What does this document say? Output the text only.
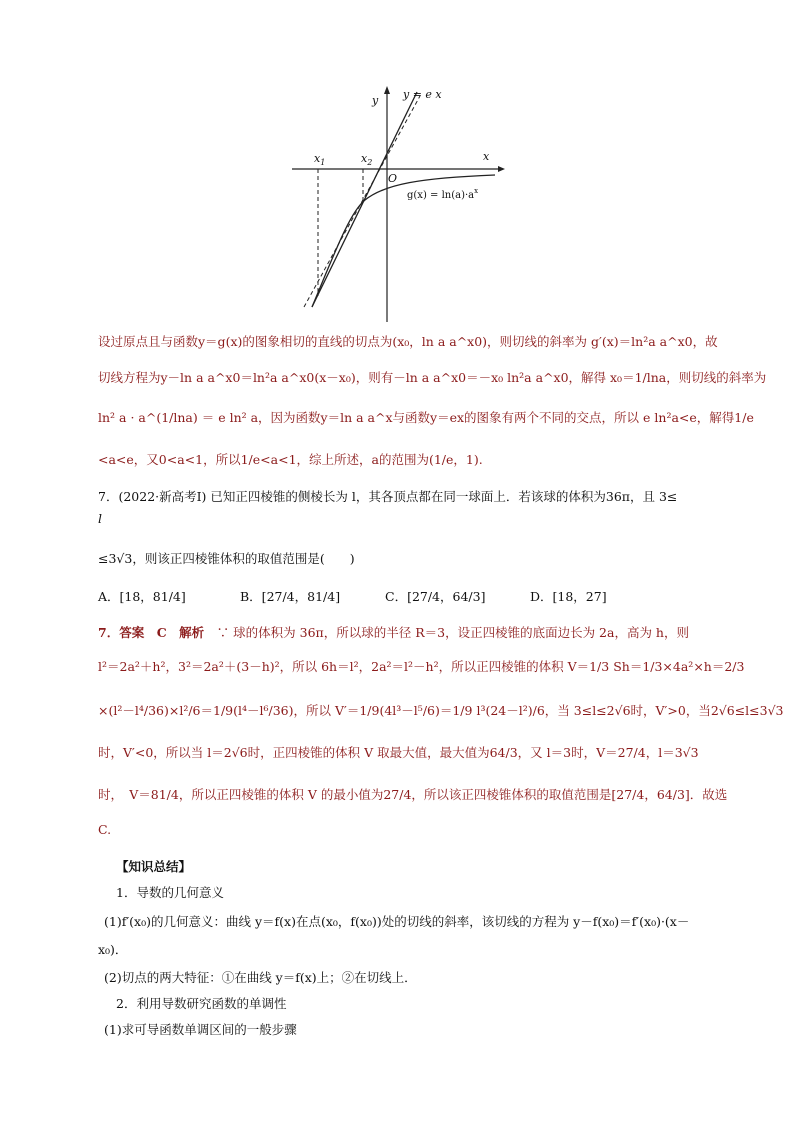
y
x
y = e x
$x_1$	$x_2$
O
$g(x) = \ln(a)\cdot a^x$
设过原点且与函数y＝g(x)的图象相切的直线的切点为(x₀，ln a a^x0)，则切线的斜率为 g′(x)＝ln²a a^x0，故
切线方程为y－ln a a^x0＝ln²a a^x0(x－x₀)，则有－ln a a^x0＝－x₀ ln²a a^x0，解得 x₀＝1/lna，则切线的斜率为
ln² a · a^(1/lna) ＝ e ln² a，因为函数y＝ln a a^x与函数y＝ex的图象有两个不同的交点，所以 e ln²a<e，解得1/e
<a<e，又0<a<1，所以1/e<a<1，综上所述，a的范围为(1/e，1).
7．(2022·新高考Ⅰ) 已知正四棱锥的侧棱长为 l，其各顶点都在同一球面上．若该球的体积为36π，且 3≤
l
≤3√3，则该正四棱锥体积的取值范围是(　　)
A．[18，81/4]	B．[27/4，81/4]	C．[27/4，64/3]	D．[18，27]
7．答案　C　解析　 ∵ 球的体积为 36π，所以球的半径 R＝3，设正四棱锥的底面边长为 2a，高为 h，则
l²＝2a²＋h²，3²＝2a²＋(3－h)²，所以 6h＝l²，2a²＝l²－h²，所以正四棱锥的体积 V＝1/3 Sh＝1/3×4a²×h＝2/3
×(l²－l⁴/36)×l²/6＝1/9(l⁴－l⁶/36)，所以 V′＝1/9(4l³－l⁵/6)＝1/9 l³(24－l²)/6，当 3≤l≤2√6时，V′>0，当2√6≤l≤3√3
时，V′<0，所以当 l＝2√6时，正四棱锥的体积 V 取最大值，最大值为64/3，又 l＝3时，V＝27/4，l＝3√3
时，　V＝81/4，所以正四棱锥的体积 V 的最小值为27/4，所以该正四棱锥体积的取值范围是[27/4，64/3]．故选
C.
【知识总结】
1．导数的几何意义
(1)f′(x₀)的几何意义：曲线 y＝f(x)在点(x₀，f(x₀))处的切线的斜率，该切线的方程为 y－f(x₀)＝f′(x₀)·(x－
x₀)．
(2)切点的两大特征：①在曲线 y＝f(x)上；②在切线上．
2．利用导数研究函数的单调性
(1)求可导函数单调区间的一般步骤
